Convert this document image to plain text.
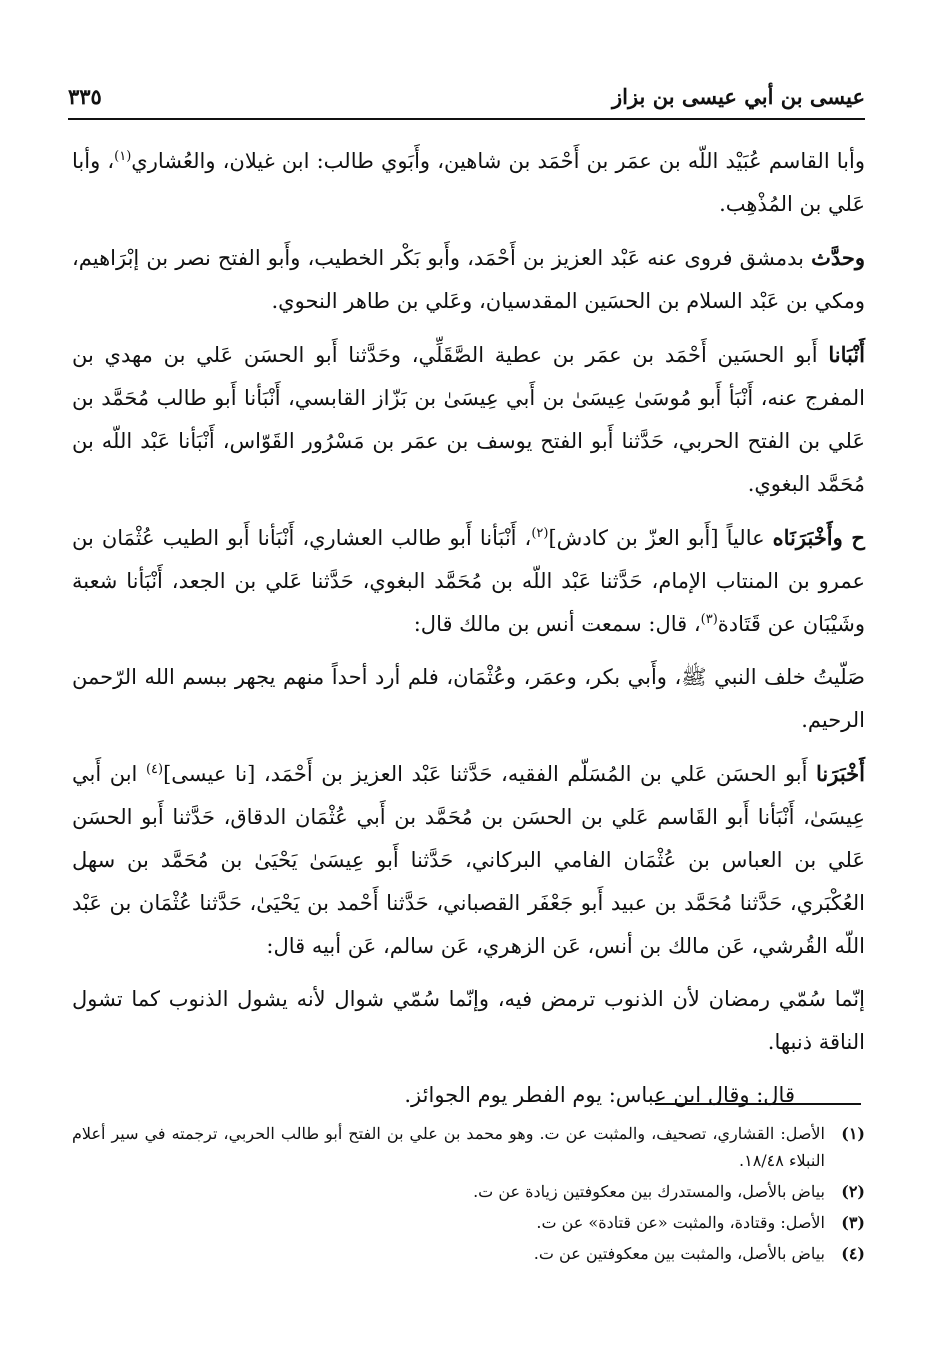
عيسى بن أبي عيسى بن بزاز
٣٣٥

وأبا القاسم عُبَيْد اللّه بن عمَر بن أَحْمَد بن شاهين، وأَبَوي طالب: ابن غيلان، والعُشاري$^{(١)}$، وأبا عَلي بن المُذْهِب.

وحدَّث بدمشق فروى عنه عَبْد العزيز بن أَحْمَد، وأَبو بَكْر الخطيب، وأَبو الفتح نصر بن إبْرَاهيم، ومكي بن عَبْد السلام بن الحسَين المقدسيان، وعَلي بن طاهر النحوي.

أَنْبَانا أَبو الحسَين أَحْمَد بن عمَر بن عطية الصَّقَلِّي، وحَدَّثنا أَبو الحسَن عَلي بن مهدي بن المفرج عنه، أَنْبَأ أَبو مُوسَىٰ عِيسَىٰ بن أَبي عِيسَىٰ بن بَزّاز القابسي، أَنْبَأنا أَبو طالب مُحَمَّد بن عَلي بن الفتح الحربي، حَدَّثنا أَبو الفتح يوسف بن عمَر بن مَسْرُور القَوّاس، أَنْبَأنا عَبْد اللّه بن مُحَمَّد البغوي.

ح وأَخْبَرَنَاه عالياً [أَبو العزّ بن كادش]$^{(٢)}$، أَنْبَأنا أَبو طالب العشاري، أَنْبَأنا أَبو الطيب عُثْمَان بن عمرو بن المنتاب الإمام، حَدَّثنا عَبْد اللّه بن مُحَمَّد البغوي، حَدَّثنا عَلي بن الجعد، أَنْبَأنا شعبة وشَيْبَان عن قَتَادة$^{(٣)}$، قال: سمعت أنس بن مالك قال:

صَلّيتُ خلف النبي ﷺ، وأَبي بكر، وعمَر، وعُثْمَان، فلم أرد أحداً منهم يجهر ببسم الله الرّحمن الرحيم.

أَخْبَرَنا أَبو الحسَن عَلي بن المُسَلّم الفقيه، حَدَّثنا عَبْد العزيز بن أَحْمَد، [نا عيسى]$^{(٤)}$ ابن أَبي عِيسَىٰ، أَنْبَأنا أَبو القَاسم عَلي بن الحسَن بن مُحَمَّد بن أَبي عُثْمَان الدقاق، حَدَّثنا أَبو الحسَن عَلي بن العباس بن عُثْمَان الفامي البركاني، حَدَّثنا أَبو عِيسَىٰ يَحْيَىٰ بن مُحَمَّد بن سهل العُكْبَري، حَدَّثنا مُحَمَّد بن عبيد أَبو جَعْفَر القصباني، حَدَّثنا أَحْمد بن يَحْيَىٰ، حَدَّثنا عُثْمَان بن عَبْد اللّه القُرشي، عَن مالك بن أنس، عَن الزهري، عَن سالم، عَن أبيه قال:

إنّما سُمّي رمضان لأن الذنوب ترمض فيه، وإنّما سُمّي شوال لأنه يشول الذنوب كما تشول الناقة ذنبها.

قال: وقال ابن عباس: يوم الفطر يوم الجوائز.

(١)
الأصل: القشاري، تصحيف، والمثبت عن ت. وهو محمد بن علي بن الفتح أبو طالب الحربي، ترجمته في سير أعلام النبلاء ١٨/٤٨.
(٢)
بياض بالأصل، والمستدرك بين معكوفتين زيادة عن ت.
(٣)
الأصل: وقتادة، والمثبت «عن قتادة» عن ت.
(٤)
بياض بالأصل، والمثبت بين معكوفتين عن ت.
